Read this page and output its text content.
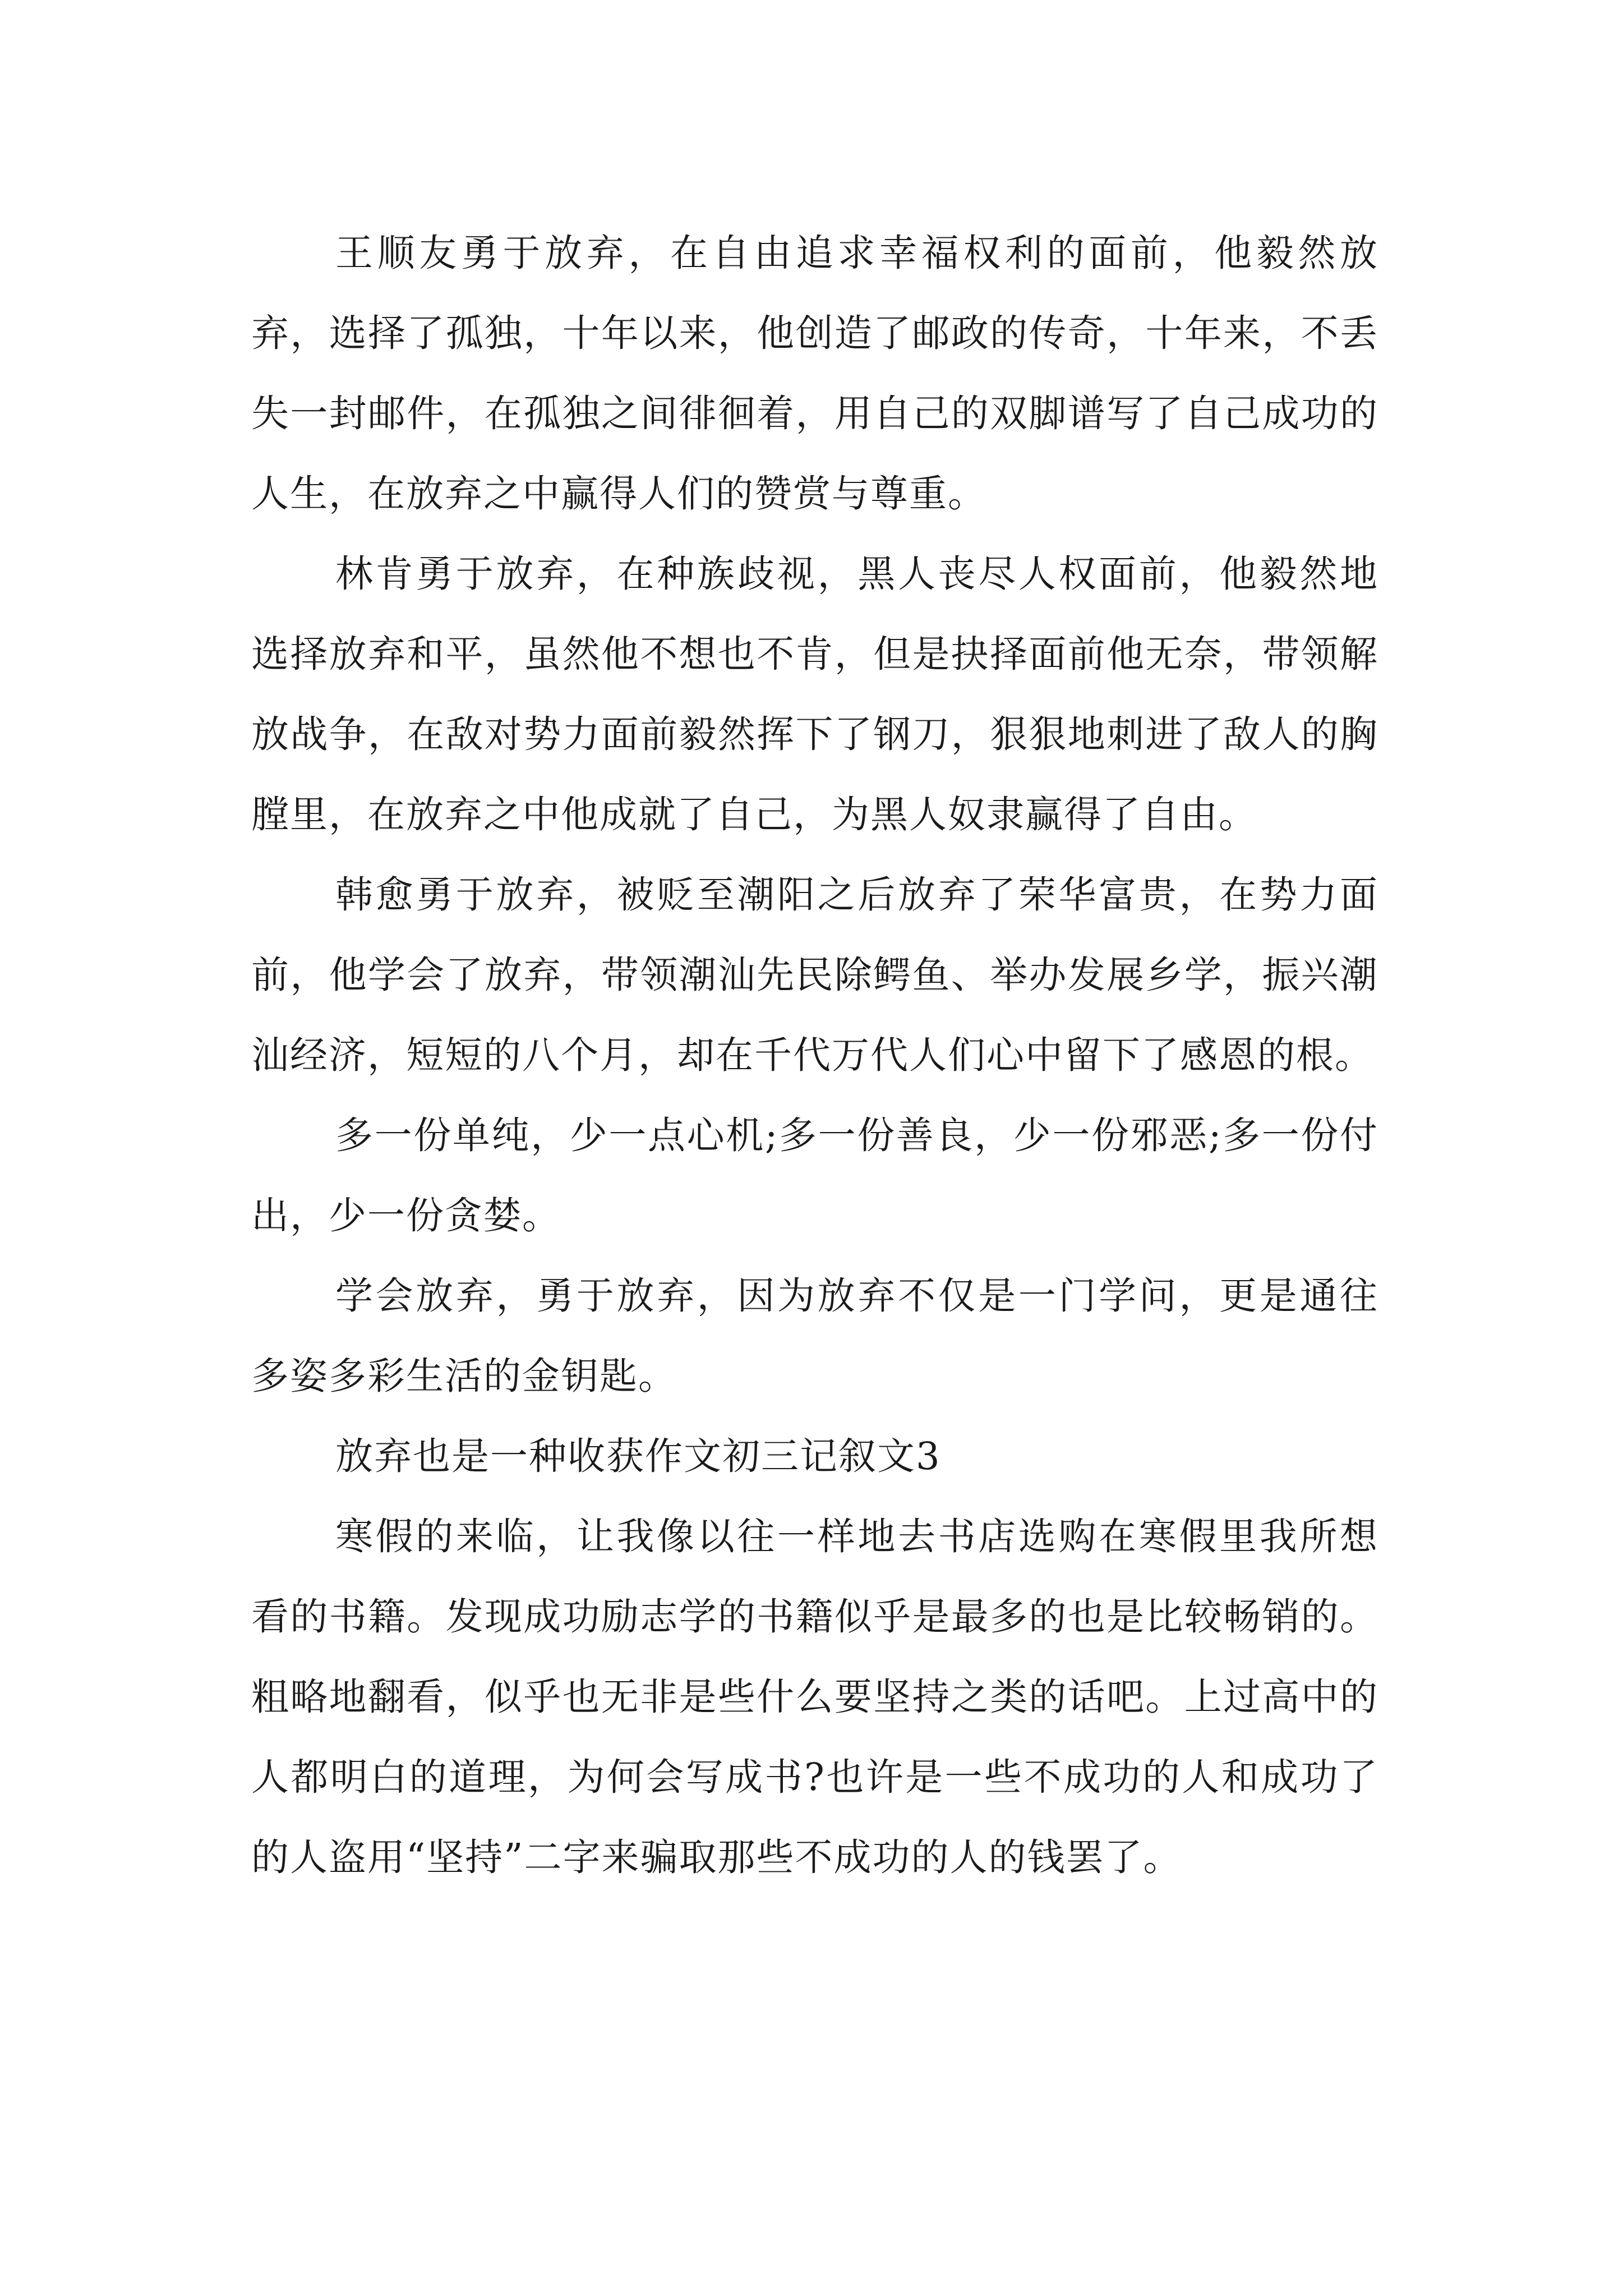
王顺友勇于放弃，在自由追求幸福权利的面前，他毅然放弃，选择了孤独，十年以来，他创造了邮政的传奇，十年来，不丢失一封邮件，在孤独之间徘徊着，用自己的双脚谱写了自己成功的人生，在放弃之中赢得人们的赞赏与尊重。

林肯勇于放弃，在种族歧视，黑人丧尽人权面前，他毅然地选择放弃和平，虽然他不想也不肯，但是抉择面前他无奈，带领解放战争，在敌对势力面前毅然挥下了钢刀，狠狠地刺进了敌人的胸膛里，在放弃之中他成就了自己，为黑人奴隶赢得了自由。

韩愈勇于放弃，被贬至潮阳之后放弃了荣华富贵，在势力面前，他学会了放弃，带领潮汕先民除鳄鱼、举办发展乡学，振兴潮汕经济，短短的八个月，却在千代万代人们心中留下了感恩的根。

多一份单纯，少一点心机;多一份善良，少一份邪恶;多一份付出，少一份贪婪。

学会放弃，勇于放弃，因为放弃不仅是一门学问，更是通往多姿多彩生活的金钥匙。

放弃也是一种收获作文初三记叙文3

寒假的来临，让我像以往一样地去书店选购在寒假里我所想看的书籍。发现成功励志学的书籍似乎是最多的也是比较畅销的。粗略地翻看，似乎也无非是些什么要坚持之类的话吧。上过高中的人都明白的道理，为何会写成书?也许是一些不成功的人和成功了的人盗用“坚持”二字来骗取那些不成功的人的钱罢了。
